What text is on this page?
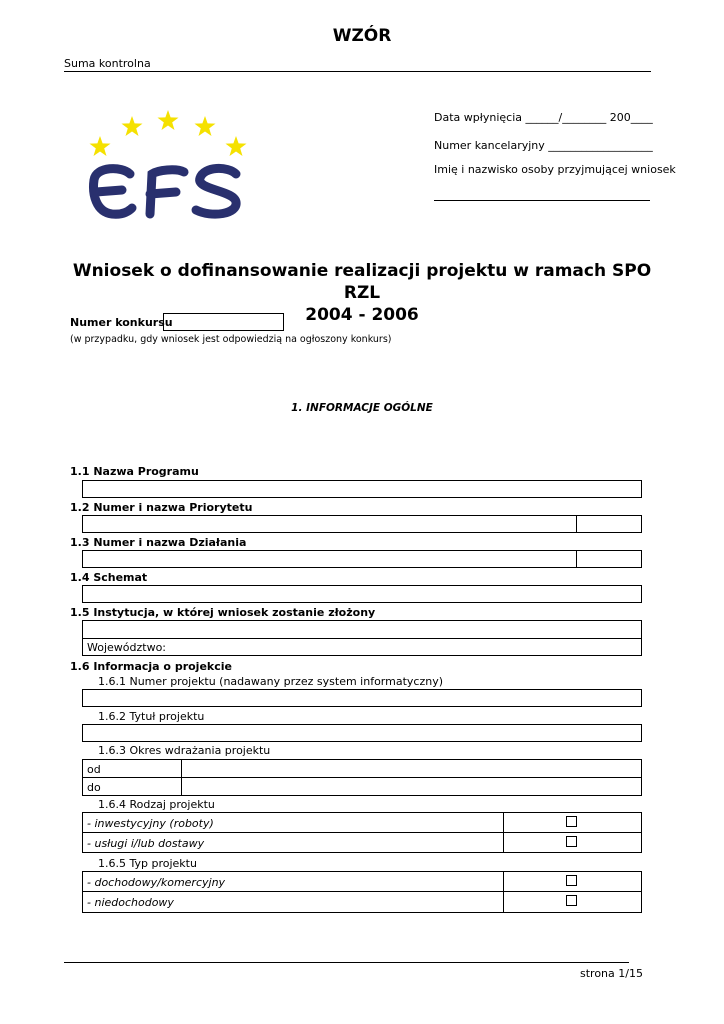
WZÓR
Suma kontrolna
Data wpłynięcia ______/________ 200____
Numer kancelaryjny ___________________
Imię i nazwisko osoby przyjmującej wniosek
Wniosek o dofinansowanie realizacji projektu w ramach SPO RZL
2004 - 2006
Numer konkursu
(w przypadku, gdy wniosek jest odpowiedzią na ogłoszony konkurs)
1. INFORMACJE OGÓLNE
1.1 Nazwa Programu
1.2 Numer i nazwa Priorytetu
1.3 Numer i nazwa Działania
1.4 Schemat
1.5 Instytucja, w której wniosek zostanie złożony
Województwo:
1.6 Informacja o projekcie
1.6.1 Numer projektu (nadawany przez system informatyczny)
1.6.2 Tytuł projektu
1.6.3 Okres wdrażania projektu
od
do
1.6.4 Rodzaj projektu
- inwestycyjny (roboty)
- usługi i/lub dostawy
1.6.5 Typ projektu
- dochodowy/komercyjny
- niedochodowy
strona 1/15
